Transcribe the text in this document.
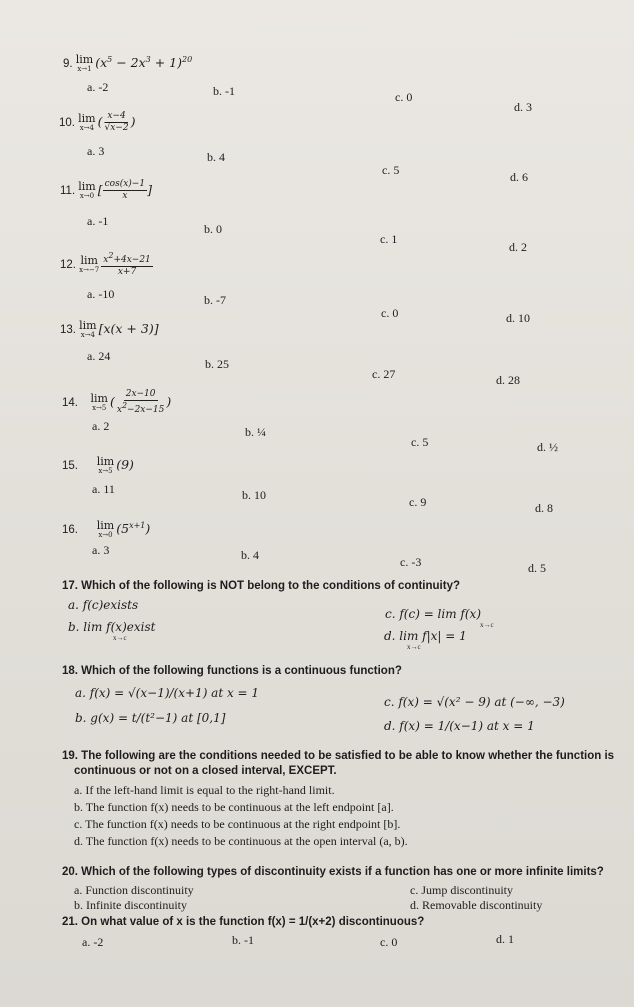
9. lim
x→1 $(x^5 - 2x^3 + 1)^{20}$
a. -2	b. -1	c. 0
d. 3
10. lim
x→4 ( $\frac{x-4}{√x-2}$ )
a. 3	b. 4
c. 5	d. 6
11. lim
x→0 [ $\frac{\cos(x)-1}{x}$ ]
a. -1
b. 0
c. 1
d. 2
12. lim
$x\to-7 \frac{x2+4x-21}{x+7}$
a. -10	b. -7
c. 0	d. 10
13. lim
x→4 [x(x + 3)]
a. 24
b. 25
c. 27	d. 28
14. lim
x→5 ( $\frac{2x-10}{x2-2x-15}$ )
a. 2	b. ¼
c. 5	d. ½
15. lim
x→5 (9)
a. 11	b. 10	c. 9	d. 8
16. lim
x→0 $(5^{x+1})$
a. 3	b. 4	c. -3	d. 5
17. Which of the following is NOT belong to the conditions of continuity?
a. f(c)exists
b. lim f(x)exist
x→c
c. f(c) = lim f(x)
x→c
d. lim f|x| = 1
x→c
18. Which of the following functions is a continuous function?
a. f(x) = √(x−1)/(x+1) at x = 1
b. g(x) = t/(t²−1) at [0,1]
c. f(x) = √(x² − 9) at (−∞, −3)
d. f(x) = 1/(x−1) at x = 1
19. The following are the conditions needed to be satisfied to be able to know whether the function is
continuous or not on a closed interval, EXCEPT.
a. If the left-hand limit is equal to the right-hand limit.
b. The function f(x) needs to be continuous at the left endpoint [a].
c. The function f(x) needs to be continuous at the right endpoint [b].
d. The function f(x) needs to be continuous at the open interval (a, b).
20. Which of the following types of discontinuity exists if a function has one or more infinite limits?
a. Function discontinuity
b. Infinite discontinuity
c. Jump discontinuity
d. Removable discontinuity
21. On what value of x is the function f(x) = 1/(x+2) discontinuous?
a. -2	b. -1	c. 0	d. 1
